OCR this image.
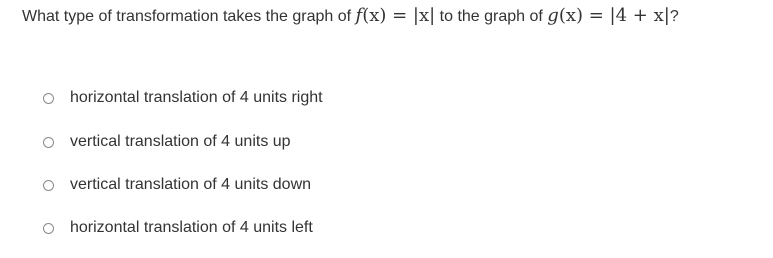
What type of transformation takes the graph of f(x) = |x| to the graph of g(x) = |4 + x|?
horizontal translation of 4 units right
vertical translation of 4 units up
vertical translation of 4 units down
horizontal translation of 4 units left
